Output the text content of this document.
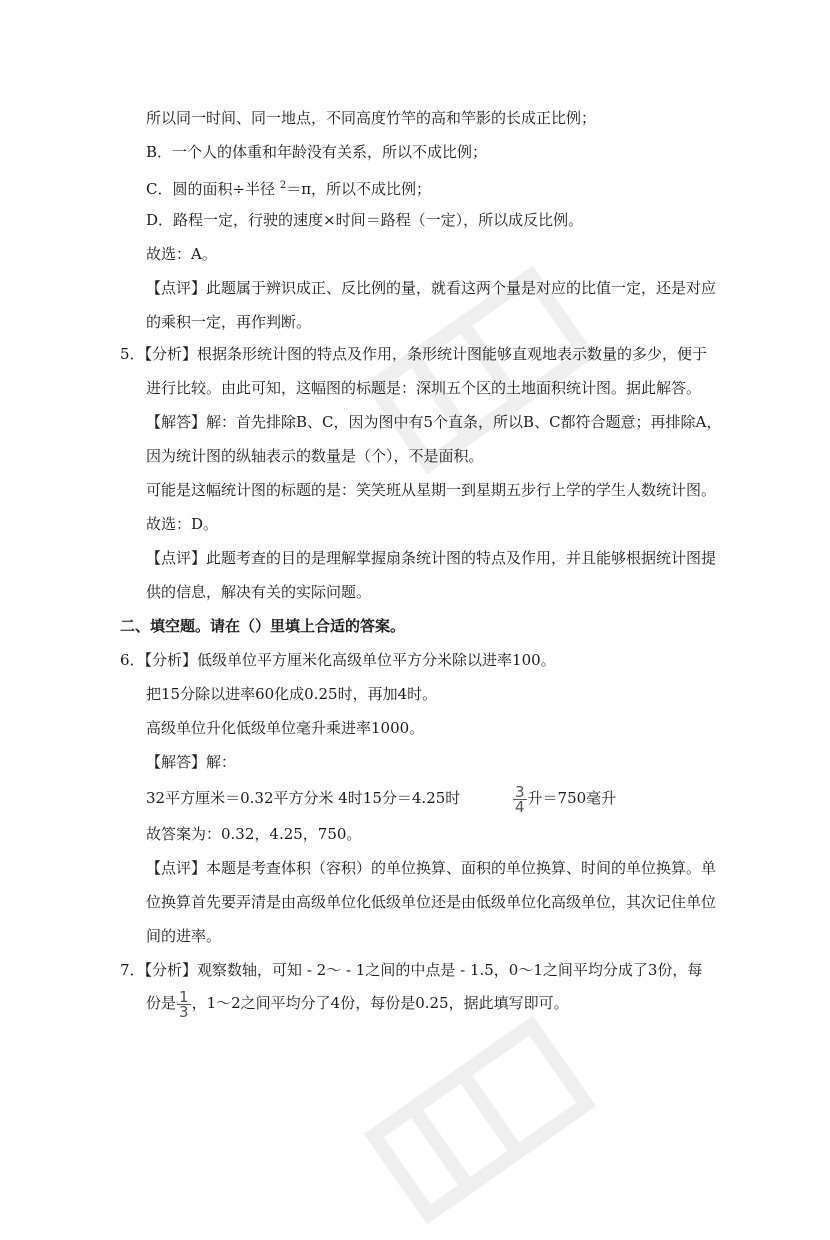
所以同一时间、同一地点，不同高度竹竿的高和竿影的长成正比例；
B．一个人的体重和年龄没有关系，所以不成比例；
C．圆的面积÷半径 $^2$＝π，所以不成比例；
D．路程一定，行驶的速度×时间＝路程（一定），所以成反比例。
故选：A。
【点评】此题属于辨识成正、反比例的量，就看这两个量是对应的比值一定，还是对应
的乘积一定，再作判断。
5．【分析】根据条形统计图的特点及作用，条形统计图能够直观地表示数量的多少，便于
进行比较。由此可知，这幅图的标题是：深圳五个区的土地面积统计图。据此解答。
【解答】解：首先排除B、C，因为图中有5个直条，所以B、C都符合题意；再排除A，
因为统计图的纵轴表示的数量是（个），不是面积。
可能是这幅统计图的标题的是：笑笑班从星期一到星期五步行上学的学生人数统计图。
故选：D。
【点评】此题考查的目的是理解掌握扇条统计图的特点及作用，并且能够根据统计图提
供的信息，解决有关的实际问题。
二、填空题。请在（）里填上合适的答案。
6．【分析】低级单位平方厘米化高级单位平方分米除以进率100。
把15分除以进率60化成0.25时，再加4时。
高级单位升化低级单位毫升乘进率1000。
【解答】解：
32平方厘米＝0.32平方分米 4时15分＝4.25时	$\frac{3}{4}$ 升＝750毫升
故答案为：0.32，4.25，750。
【点评】本题是考查体积（容积）的单位换算、面积的单位换算、时间的单位换算。单
位换算首先要弄清是由高级单位化低级单位还是由低级单位化高级单位，其次记住单位
间的进率。
7．【分析】观察数轴，可知 - 2～ - 1之间的中点是 - 1.5，0～1之间平均分成了3份，每
份是 $\frac{1}{3}$ ，1～2之间平均分了4份，每份是0.25，据此填写即可。
